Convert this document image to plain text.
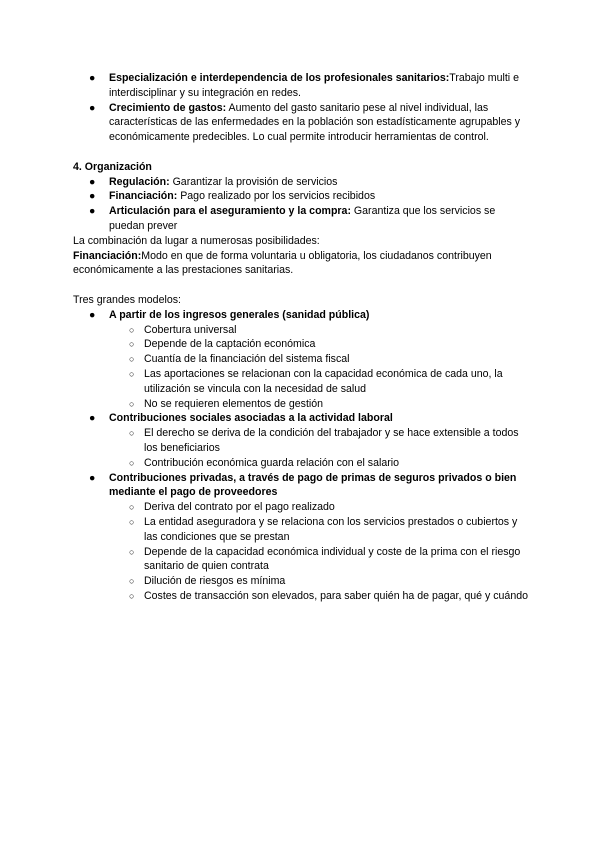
●	Especialización e interdependencia de los profesionales sanitarios:Trabajo multi e interdisciplinar y su integración en redes.
●	Crecimiento de gastos: Aumento del gasto sanitario pese al nivel individual, las características de las enfermedades en la población son estadísticamente agrupables y económicamente predecibles. Lo cual permite introducir herramientas de control.
4. Organización
●	Regulación: Garantizar la provisión de servicios
●	Financiación: Pago realizado por los servicios recibidos
●	Articulación para el aseguramiento y la compra: Garantiza que los servicios se puedan prever
La combinación da lugar a numerosas posibilidades:
Financiación:Modo en que de forma voluntaria u obligatoria, los ciudadanos contribuyen económicamente a las prestaciones sanitarias.
Tres grandes modelos:
●	A partir de los ingresos generales (sanidad pública)
○ Cobertura universal
○ Depende de la captación económica
○ Cuantía de la financiación del sistema fiscal
○ Las aportaciones se relacionan con la capacidad económica de cada uno, la utilización se vincula con la necesidad de salud
○ No se requieren elementos de gestión
●	Contribuciones sociales asociadas a la actividad laboral
○ El derecho se deriva de la condición del trabajador y se hace extensible a todos los beneficiarios
○ Contribución económica guarda relación con el salario
●	Contribuciones privadas, a través de pago de primas de seguros privados o bien mediante el pago de proveedores
○ Deriva del contrato por el pago realizado
○ La entidad aseguradora y se relaciona con los servicios prestados o cubiertos y las condiciones que se prestan
○ Depende de la capacidad económica individual y coste de la prima con el riesgo sanitario de quien contrata
○ Dilución de riesgos es mínima
○ Costes de transacción son elevados, para saber quién ha de pagar, qué y cuándo
